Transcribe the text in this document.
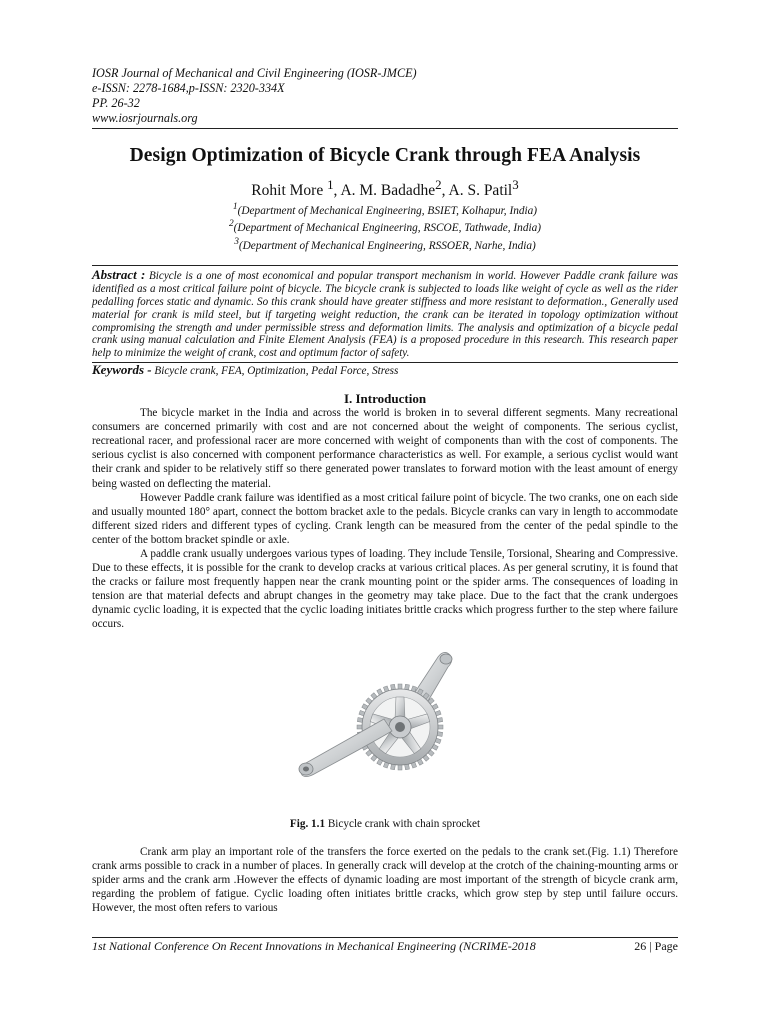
IOSR Journal of Mechanical and Civil Engineering (IOSR-JMCE)
e-ISSN: 2278-1684,p-ISSN: 2320-334X
PP. 26-32
www.iosrjournals.org
Design Optimization of Bicycle Crank through FEA Analysis
Rohit More $^1$, A. M. Badadhe$^2$, A. S. Patil$^3$
$^1$(Department of Mechanical Engineering, BSIET, Kolhapur, India)
$^2$(Department of Mechanical Engineering, RSCOE, Tathwade, India)
$^3$(Department of Mechanical Engineering, RSSOER, Narhe, India)
Abstract : Bicycle is a one of most economical and popular transport mechanism in world. However Paddle crank failure was identified as a most critical failure point of bicycle. The bicycle crank is subjected to loads like weight of cycle as well as the rider pedalling forces static and dynamic. So this crank should have greater stiffness and more resistant to deformation., Generally used material for crank is mild steel, but if targeting weight reduction, the crank can be iterated in topology optimization without compromising the strength and under permissible stress and deformation limits. The analysis and optimization of a bicycle pedal crank using manual calculation and Finite Element Analysis (FEA) is a proposed procedure in this research. This research paper help to minimize the weight of crank, cost and optimum factor of safety.
Keywords - Bicycle crank, FEA, Optimization, Pedal Force, Stress
I. Introduction

The bicycle market in the India and across the world is broken in to several different segments. Many recreational consumers are concerned primarily with cost and are not concerned about the weight of components. The serious cyclist, recreational racer, and professional racer are more concerned with weight of components than with the cost of components. The serious cyclist is also concerned with component performance characteristics as well. For example, a serious cyclist would want their crank and spider to be relatively stiff so there generated power translates to forward motion with the least amount of energy being wasted on deflecting the material.

However Paddle crank failure was identified as a most critical failure point of bicycle. The two cranks, one on each side and usually mounted 180° apart, connect the bottom bracket axle to the pedals. Bicycle cranks can vary in length to accommodate different sized riders and different types of cycling. Crank length can be measured from the center of the pedal spindle to the center of the bottom bracket spindle or axle.

A paddle crank usually undergoes various types of loading. They include Tensile, Torsional, Shearing and Compressive. Due to these effects, it is possible for the crank to develop cracks at various critical places. As per general scrutiny, it is found that the cracks or failure most frequently happen near the crank mounting point or the spider arms. The consequences of loading in tension are that material defects and abrupt changes in the geometry may take place. Due to the fact that the crank undergoes dynamic cyclic loading, it is expected that the cyclic loading initiates brittle cracks which progress further to the step where failure occurs.

Fig. 1.1 Bicycle crank with chain sprocket

Crank arm play an important role of the transfers the force exerted on the pedals to the crank set.(Fig. 1.1) Therefore crank arms possible to crack in a number of places. In generally crack will develop at the crotch of the chaining-mounting arms or spider arms and the crank arm .However the effects of dynamic loading are most important of the strength of bicycle crank arm, regarding the problem of fatigue. Cyclic loading often initiates brittle cracks, which grow step by step until failure occurs. However, the most often refers to various

1st National Conference On Recent Innovations in Mechanical Engineering (NCRIME-2018	26 | Page
